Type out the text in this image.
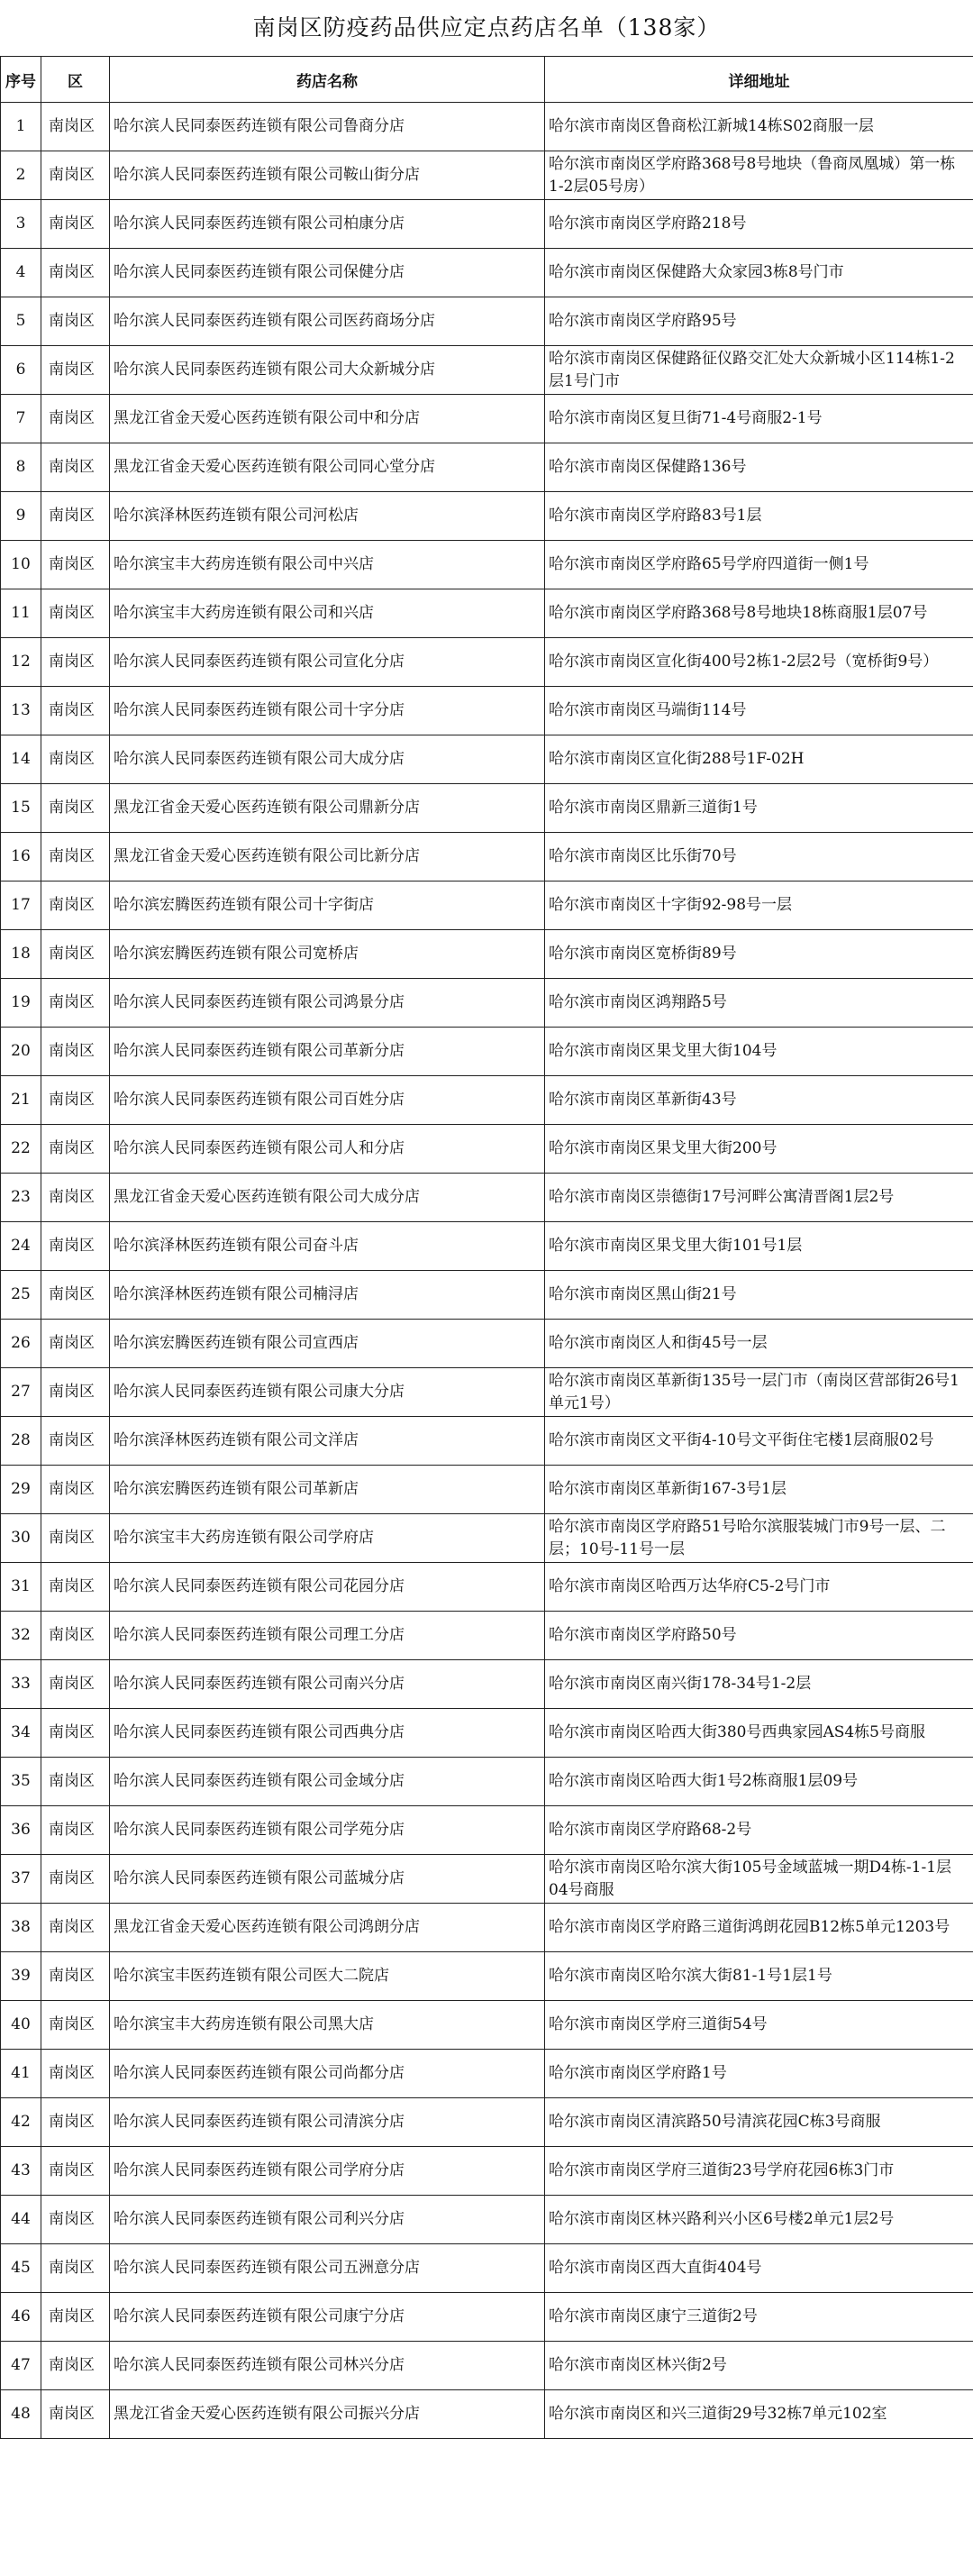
南岗区防疫药品供应定点药店名单（138家）
序号	区	药店名称	详细地址
1	南岗区	哈尔滨人民同泰医药连锁有限公司鲁商分店	哈尔滨市南岗区鲁商松江新城14栋S02商服一层
2	南岗区	哈尔滨人民同泰医药连锁有限公司鞍山街分店	哈尔滨市南岗区学府路368号8号地块（鲁商凤凰城）第一栋1-2层05号房）
3	南岗区	哈尔滨人民同泰医药连锁有限公司柏康分店	哈尔滨市南岗区学府路218号
4	南岗区	哈尔滨人民同泰医药连锁有限公司保健分店	哈尔滨市南岗区保健路大众家园3栋8号门市
5	南岗区	哈尔滨人民同泰医药连锁有限公司医药商场分店	哈尔滨市南岗区学府路95号
6	南岗区	哈尔滨人民同泰医药连锁有限公司大众新城分店	哈尔滨市南岗区保健路征仪路交汇处大众新城小区114栋1-2层1号门市
7	南岗区	黑龙江省金天爱心医药连锁有限公司中和分店	哈尔滨市南岗区复旦街71-4号商服2-1号
8	南岗区	黑龙江省金天爱心医药连锁有限公司同心堂分店	哈尔滨市南岗区保健路136号
9	南岗区	哈尔滨泽林医药连锁有限公司河松店	哈尔滨市南岗区学府路83号1层
10	南岗区	哈尔滨宝丰大药房连锁有限公司中兴店	哈尔滨市南岗区学府路65号学府四道街一侧1号
11	南岗区	哈尔滨宝丰大药房连锁有限公司和兴店	哈尔滨市南岗区学府路368号8号地块18栋商服1层07号
12	南岗区	哈尔滨人民同泰医药连锁有限公司宣化分店	哈尔滨市南岗区宣化街400号2栋1-2层2号（宽桥街9号）
13	南岗区	哈尔滨人民同泰医药连锁有限公司十字分店	哈尔滨市南岗区马端街114号
14	南岗区	哈尔滨人民同泰医药连锁有限公司大成分店	哈尔滨市南岗区宣化街288号1F-02H
15	南岗区	黑龙江省金天爱心医药连锁有限公司鼎新分店	哈尔滨市南岗区鼎新三道街1号
16	南岗区	黑龙江省金天爱心医药连锁有限公司比新分店	哈尔滨市南岗区比乐街70号
17	南岗区	哈尔滨宏腾医药连锁有限公司十字街店	哈尔滨市南岗区十字街92-98号一层
18	南岗区	哈尔滨宏腾医药连锁有限公司宽桥店	哈尔滨市南岗区宽桥街89号
19	南岗区	哈尔滨人民同泰医药连锁有限公司鸿景分店	哈尔滨市南岗区鸿翔路5号
20	南岗区	哈尔滨人民同泰医药连锁有限公司革新分店	哈尔滨市南岗区果戈里大街104号
21	南岗区	哈尔滨人民同泰医药连锁有限公司百姓分店	哈尔滨市南岗区革新街43号
22	南岗区	哈尔滨人民同泰医药连锁有限公司人和分店	哈尔滨市南岗区果戈里大街200号
23	南岗区	黑龙江省金天爱心医药连锁有限公司大成分店	哈尔滨市南岗区崇德街17号河畔公寓清晋阁1层2号
24	南岗区	哈尔滨泽林医药连锁有限公司奋斗店	哈尔滨市南岗区果戈里大街101号1层
25	南岗区	哈尔滨泽林医药连锁有限公司楠浔店	哈尔滨市南岗区黑山街21号
26	南岗区	哈尔滨宏腾医药连锁有限公司宣西店	哈尔滨市南岗区人和街45号一层
27	南岗区	哈尔滨人民同泰医药连锁有限公司康大分店	哈尔滨市南岗区革新街135号一层门市（南岗区营部街26号1单元1号）
28	南岗区	哈尔滨泽林医药连锁有限公司文洋店	哈尔滨市南岗区文平街4-10号文平街住宅楼1层商服02号
29	南岗区	哈尔滨宏腾医药连锁有限公司革新店	哈尔滨市南岗区革新街167-3号1层
30	南岗区	哈尔滨宝丰大药房连锁有限公司学府店	哈尔滨市南岗区学府路51号哈尔滨服装城门市9号一层、二层；10号-11号一层
31	南岗区	哈尔滨人民同泰医药连锁有限公司花园分店	哈尔滨市南岗区哈西万达华府C5-2号门市
32	南岗区	哈尔滨人民同泰医药连锁有限公司理工分店	哈尔滨市南岗区学府路50号
33	南岗区	哈尔滨人民同泰医药连锁有限公司南兴分店	哈尔滨市南岗区南兴街178-34号1-2层
34	南岗区	哈尔滨人民同泰医药连锁有限公司西典分店	哈尔滨市南岗区哈西大街380号西典家园AS4栋5号商服
35	南岗区	哈尔滨人民同泰医药连锁有限公司金域分店	哈尔滨市南岗区哈西大街1号2栋商服1层09号
36	南岗区	哈尔滨人民同泰医药连锁有限公司学苑分店	哈尔滨市南岗区学府路68-2号
37	南岗区	哈尔滨人民同泰医药连锁有限公司蓝城分店	哈尔滨市南岗区哈尔滨大街105号金域蓝城一期D4栋-1-1层04号商服
38	南岗区	黑龙江省金天爱心医药连锁有限公司鸿朗分店	哈尔滨市南岗区学府路三道街鸿朗花园B12栋5单元1203号
39	南岗区	哈尔滨宝丰医药连锁有限公司医大二院店	哈尔滨市南岗区哈尔滨大街81-1号1层1号
40	南岗区	哈尔滨宝丰大药房连锁有限公司黑大店	哈尔滨市南岗区学府三道街54号
41	南岗区	哈尔滨人民同泰医药连锁有限公司尚都分店	哈尔滨市南岗区学府路1号
42	南岗区	哈尔滨人民同泰医药连锁有限公司清滨分店	哈尔滨市南岗区清滨路50号清滨花园C栋3号商服
43	南岗区	哈尔滨人民同泰医药连锁有限公司学府分店	哈尔滨市南岗区学府三道街23号学府花园6栋3门市
44	南岗区	哈尔滨人民同泰医药连锁有限公司利兴分店	哈尔滨市南岗区林兴路利兴小区6号楼2单元1层2号
45	南岗区	哈尔滨人民同泰医药连锁有限公司五洲意分店	哈尔滨市南岗区西大直街404号
46	南岗区	哈尔滨人民同泰医药连锁有限公司康宁分店	哈尔滨市南岗区康宁三道街2号
47	南岗区	哈尔滨人民同泰医药连锁有限公司林兴分店	哈尔滨市南岗区林兴街2号
48	南岗区	黑龙江省金天爱心医药连锁有限公司振兴分店	哈尔滨市南岗区和兴三道街29号32栋7单元102室
